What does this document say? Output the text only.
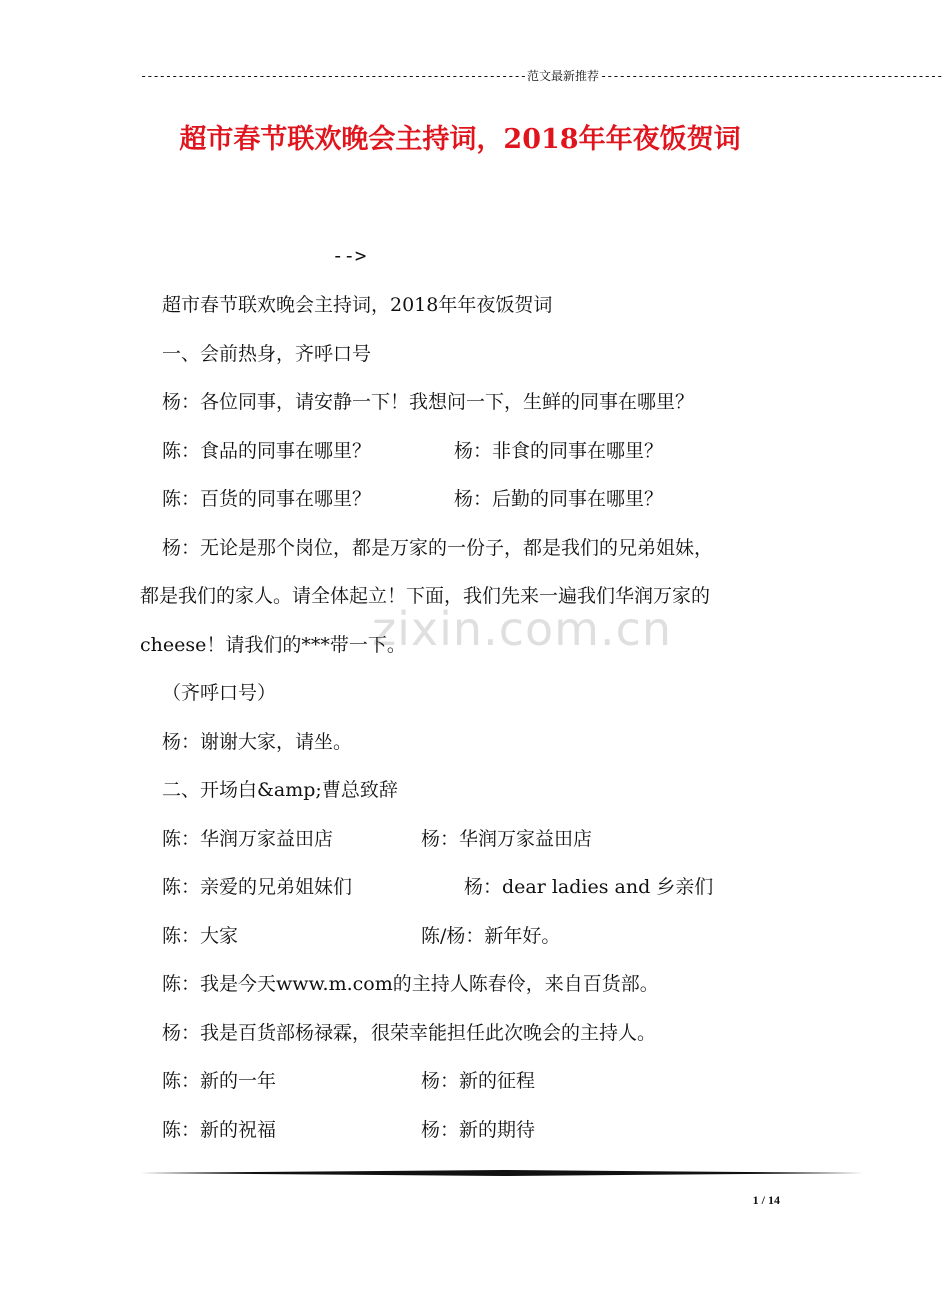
-------------------------------------------------------------- 范文最新推荐 -------------------------------------------------------
超市春节联欢晚会主持词，2018年年夜饭贺词
-->
zixin.com.cn
超市春节联欢晚会主持词，2018年年夜饭贺词
一、会前热身，齐呼口号
杨：各位同事，请安静一下！我想问一下，生鲜的同事在哪里？
陈：食品的同事在哪里？	杨：非食的同事在哪里？
陈：百货的同事在哪里？	杨：后勤的同事在哪里？
杨：无论是那个岗位，都是万家的一份子，都是我们的兄弟姐妹，
都是我们的家人。请全体起立！下面，我们先来一遍我们华润万家的
cheese！请我们的***带一下。
（齐呼口号）
杨：谢谢大家，请坐。
二、开场白&amp;曹总致辞
陈：华润万家益田店	杨：华润万家益田店
陈：亲爱的兄弟姐妹们	杨：dear ladies and 乡亲们
陈：大家	陈/杨：新年好。
陈：我是今天www.m.com的主持人陈春伶，来自百货部。
杨：我是百货部杨禄霖，很荣幸能担任此次晚会的主持人。
陈：新的一年	杨：新的征程
陈：新的祝福	杨：新的期待
1 / 14
